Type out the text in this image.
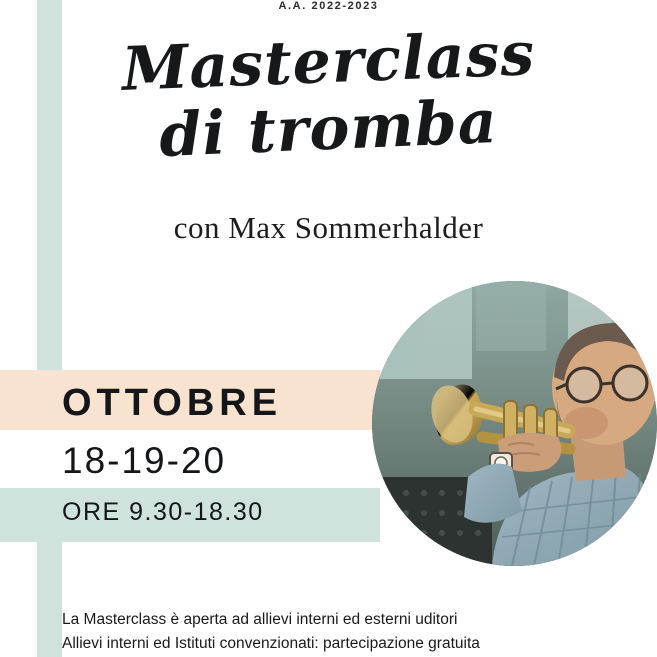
A.A. 2022-2023
Masterclass
di tromba
con Max Sommerhalder
OTTOBRE
18-19-20
ORE 9.30-18.30
La Masterclass è aperta ad allievi interni ed esterni uditori
Allievi interni ed Istituti convenzionati: partecipazione gratuita
